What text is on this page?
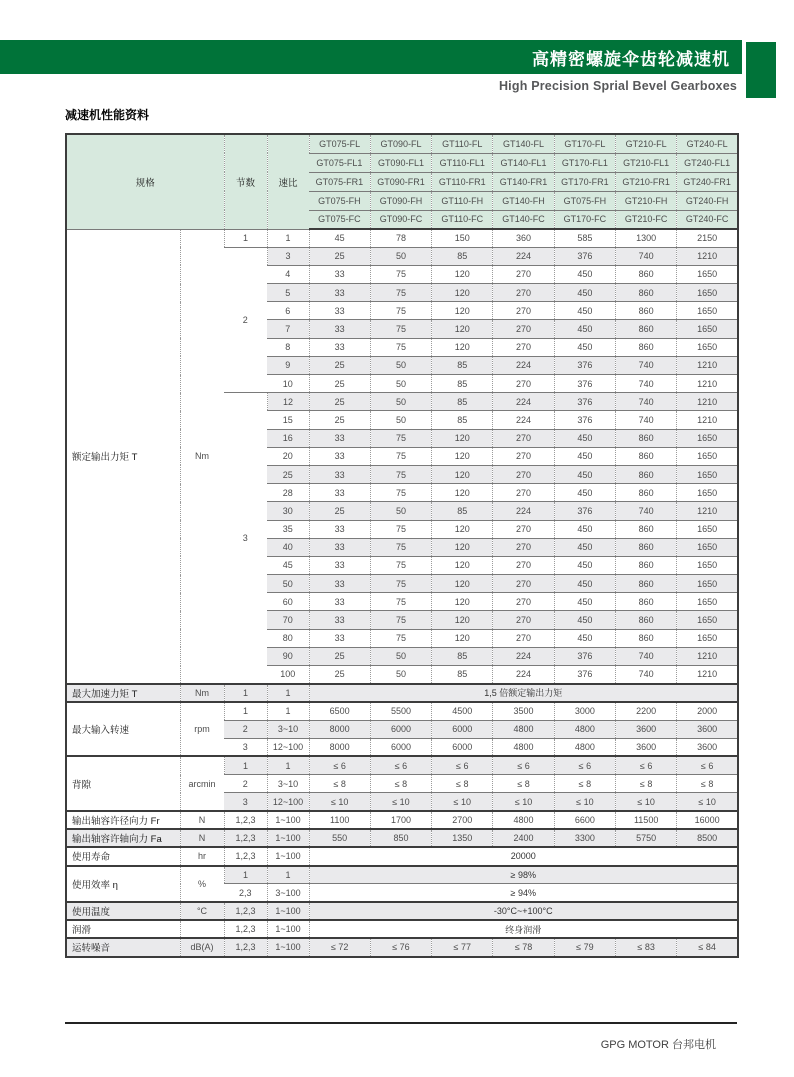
高精密螺旋伞齿轮减速机
High Precision Sprial Bevel Gearboxes
减速机性能资料
规格		节数	速比	GT075-FL	GT090-FL	GT110-FL	GT140-FL	GT170-FL	GT210-FL	GT240-FL
				GT075-FL1	GT090-FL1	GT110-FL1	GT140-FL1	GT170-FL1	GT210-FL1	GT240-FL1
				GT075-FR1	GT090-FR1	GT110-FR1	GT140-FR1	GT170-FR1	GT210-FR1	GT240-FR1
				GT075-FH	GT090-FH	GT110-FH	GT140-FH	GT075-FH	GT210-FH	GT240-FH
				GT075-FC	GT090-FC	GT110-FC	GT140-FC	GT170-FC	GT210-FC	GT240-FC
额定输出力矩 T	Nm	1	1	45	78	150	360	585	1300	2150
		2	3	25	50	85	224	376	740	1210
			4	33	75	120	270	450	860	1650
			5	33	75	120	270	450	860	1650
			6	33	75	120	270	450	860	1650
			7	33	75	120	270	450	860	1650
			8	33	75	120	270	450	860	1650
			9	25	50	85	224	376	740	1210
			10	25	50	85	270	376	740	1210
		3	12	25	50	85	224	376	740	1210
			15	25	50	85	224	376	740	1210
			16	33	75	120	270	450	860	1650
			20	33	75	120	270	450	860	1650
			25	33	75	120	270	450	860	1650
			28	33	75	120	270	450	860	1650
			30	25	50	85	224	376	740	1210
			35	33	75	120	270	450	860	1650
			40	33	75	120	270	450	860	1650
			45	33	75	120	270	450	860	1650
			50	33	75	120	270	450	860	1650
			60	33	75	120	270	450	860	1650
			70	33	75	120	270	450	860	1650
			80	33	75	120	270	450	860	1650
			90	25	50	85	224	376	740	1210
			100	25	50	85	224	376	740	1210
最大加速力矩 T	Nm	1	1	1,5 倍额定输出力矩						
最大输入转速	rpm	1	1	6500	5500	4500	3500	3000	2200	2000
		2	3~10	8000	6000	6000	4800	4800	3600	3600
		3	12~100	8000	6000	6000	4800	4800	3600	3600
背隙	arcmin	1	1	≤ 6	≤ 6	≤ 6	≤ 6	≤ 6	≤ 6	≤ 6
		2	3~10	≤ 8	≤ 8	≤ 8	≤ 8	≤ 8	≤ 8	≤ 8
		3	12~100	≤ 10	≤ 10	≤ 10	≤ 10	≤ 10	≤ 10	≤ 10
输出轴容许径向力 Fr	N	1,2,3	1~100	1100	1700	2700	4800	6600	11500	16000
输出轴容许轴向力 Fa	N	1,2,3	1~100	550	850	1350	2400	3300	5750	8500
使用寿命	hr	1,2,3	1~100	20000						
使用效率 η	%	1	1	≥ 98%						
		2,3	3~100	≥ 94%						
使用温度	°C	1,2,3	1~100	-30°C~+100°C						
润滑		1,2,3	1~100	终身润滑						
运转噪音	dB(A)	1,2,3	1~100	≤ 72	≤ 76	≤ 77	≤ 78	≤ 79	≤ 83	≤ 84
GPG MOTOR 台邦电机
